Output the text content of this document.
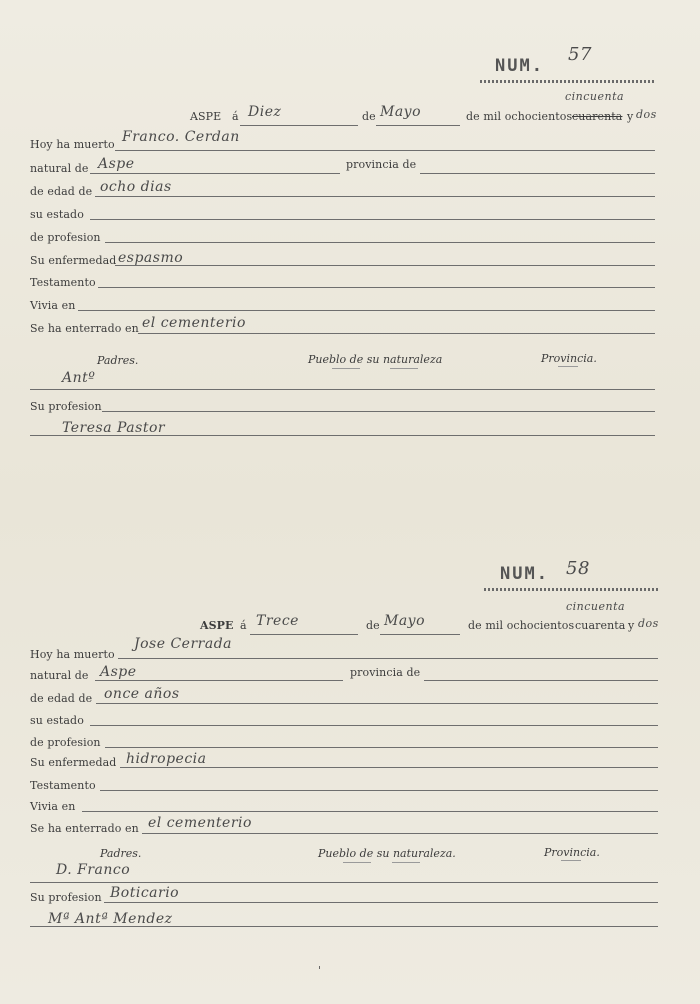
NUM.
57
cincuenta
ASPE á Diez	de Mayo	de mil ochocientos cuarenta y dos
Hoy ha muerto Franco. Cerdan
natural de Aspe	provincia de
de edad de ocho dias
su estado
de profesion
Su enfermedad espasmo
Testamento
Vivia en
Se ha enterrado en el cementerio
Padres.	Pueblo de su naturaleza	Provincia.
Antº
Su profesion
Teresa Pastor
NUM. 58
cincuenta
ASPE á Trece	de Mayo	de mil ochocientos cuarenta y dos
Hoy ha muerto
Jose Cerrada
natural de Aspe	provincia de
de edad de once años
su estado
de profesion
Su enfermedad hidropecia
Testamento
Vivia en
Se ha enterrado en el cementerio
Padres.	Pueblo de su naturaleza.	Provincia.
D. Franco
Su profesion Boticario
Mª Antª Mendez
'
